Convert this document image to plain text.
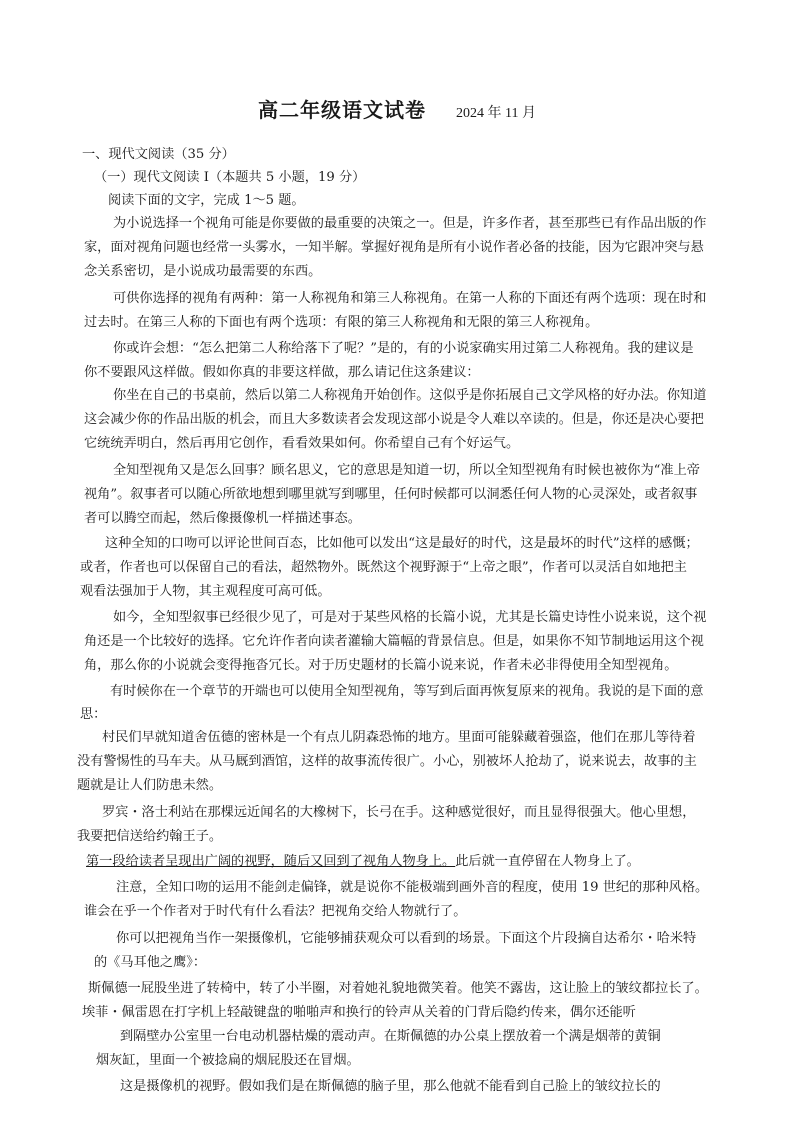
高二年级语文试卷 2024 年 11 月
一、现代文阅读（35 分）
（一）现代文阅读 I（本题共 5 小题，19 分）
阅读下面的文字，完成 1～5 题。
为小说选择一个视角可能是你要做的最重要的决策之一。但是，许多作者，甚至那些已有作品出版的作
家，面对视角问题也经常一头雾水，一知半解。掌握好视角是所有小说作者必备的技能，因为它跟冲突与悬
念关系密切，是小说成功最需要的东西。
可供你选择的视角有两种：第一人称视角和第三人称视角。在第一人称的下面还有两个选项：现在时和
过去时。在第三人称的下面也有两个选项：有限的第三人称视角和无限的第三人称视角。
你或许会想：“怎么把第二人称给落下了呢？”是的，有的小说家确实用过第二人称视角。我的建议是
你不要跟风这样做。假如你真的非要这样做，那么请记住这条建议：
你坐在自己的书桌前，然后以第二人称视角开始创作。这似乎是你拓展自己文学风格的好办法。你知道
这会减少你的作品出版的机会，而且大多数读者会发现这部小说是令人难以卒读的。但是，你还是决心要把
它统统弄明白，然后再用它创作，看看效果如何。你希望自己有个好运气。
全知型视角又是怎么回事？顾名思义，它的意思是知道一切，所以全知型视角有时候也被你为“准上帝
视角”。叙事者可以随心所欲地想到哪里就写到哪里，任何时候都可以洞悉任何人物的心灵深处，或者叙事
者可以腾空而起，然后像摄像机一样描述事态。
这种全知的口吻可以评论世间百态，比如他可以发出“这是最好的时代，这是最坏的时代”这样的感慨；
或者，作者也可以保留自己的看法，超然物外。既然这个视野源于“上帝之眼”，作者可以灵活自如地把主
观看法强加于人物，其主观程度可高可低。
如今，全知型叙事已经很少见了，可是对于某些风格的长篇小说，尤其是长篇史诗性小说来说，这个视
角还是一个比较好的选择。它允许作者向读者灌输大篇幅的背景信息。但是，如果你不知节制地运用这个视
角，那么你的小说就会变得拖沓冗长。对于历史题材的长篇小说来说，作者未必非得使用全知型视角。
有时候你在一个章节的开端也可以使用全知型视角，等写到后面再恢复原来的视角。我说的是下面的意
思：
村民们早就知道舍伍德的密林是一个有点儿阴森恐怖的地方。里面可能躲藏着强盗，他们在那儿等待着
没有警惕性的马车夫。从马厩到酒馆，这样的故事流传很广。小心，别被坏人抢劫了，说来说去，故事的主
题就是让人们防患未然。
罗宾・洛士利站在那棵远近闻名的大橡树下，长弓在手。这种感觉很好，而且显得很强大。他心里想，
我要把信送给约翰王子。
第一段给读者呈现出广阔的视野，随后又回到了视角人物身上。此后就一直停留在人物身上了。
注意，全知口吻的运用不能剑走偏锋，就是说你不能极端到画外音的程度，使用 19 世纪的那种风格。
谁会在乎一个作者对于时代有什么看法？把视角交给人物就行了。
你可以把视角当作一架摄像机，它能够捕获观众可以看到的场景。下面这个片段摘自达希尔・哈米特
的《马耳他之鹰》：
斯佩德一屁股坐进了转椅中，转了小半圈，对着她礼貌地微笑着。他笑不露齿，这让脸上的皱纹都拉长了。
埃菲・佩雷恩在打字机上轻敲键盘的啪啪声和换行的铃声从关着的门背后隐约传来，偶尔还能听
到隔壁办公室里一台电动机器枯燥的震动声。在斯佩德的办公桌上摆放着一个满是烟蒂的黄铜
烟灰缸，里面一个被捻扁的烟屁股还在冒烟。
这是摄像机的视野。假如我们是在斯佩德的脑子里，那么他就不能看到自己脸上的皱纹拉长的
